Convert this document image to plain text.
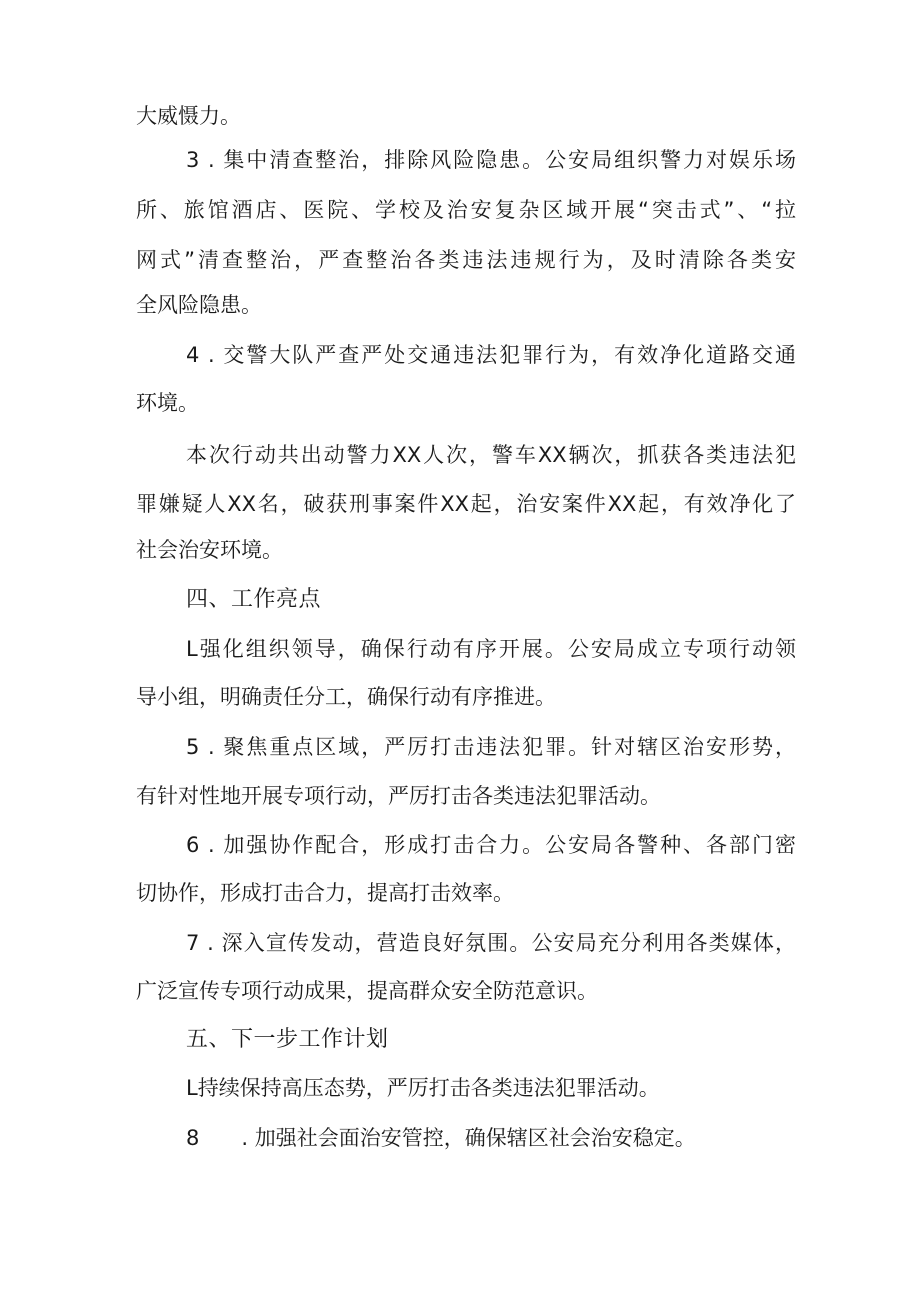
大威慑力。
3 . 集中清查整治，排除风险隐患。公安局组织警力对娱乐场
所、旅馆酒店、医院、学校及治安复杂区域开展“突击式”、“拉
网式”清查整治，严查整治各类违法违规行为，及时清除各类安
全风险隐患。
4 . 交警大队严查严处交通违法犯罪行为，有效净化道路交通
环境。
本次行动共出动警力XX人次，警车XX辆次，抓获各类违法犯
罪嫌疑人XX名，破获刑事案件XX起，治安案件XX起，有效净化了
社会治安环境。
四、工作亮点
L强化组织领导，确保行动有序开展。公安局成立专项行动领
导小组，明确责任分工，确保行动有序推进。
5 . 聚焦重点区域，严厉打击违法犯罪。针对辖区治安形势，
有针对性地开展专项行动，严厉打击各类违法犯罪活动。
6 . 加强协作配合，形成打击合力。公安局各警种、各部门密
切协作，形成打击合力，提高打击效率。
7 . 深入宣传发动，营造良好氛围。公安局充分利用各类媒体，
广泛宣传专项行动成果，提高群众安全防范意识。
五、下一步工作计划
L持续保持高压态势，严厉打击各类违法犯罪活动。
8　　. 加强社会面治安管控，确保辖区社会治安稳定。
